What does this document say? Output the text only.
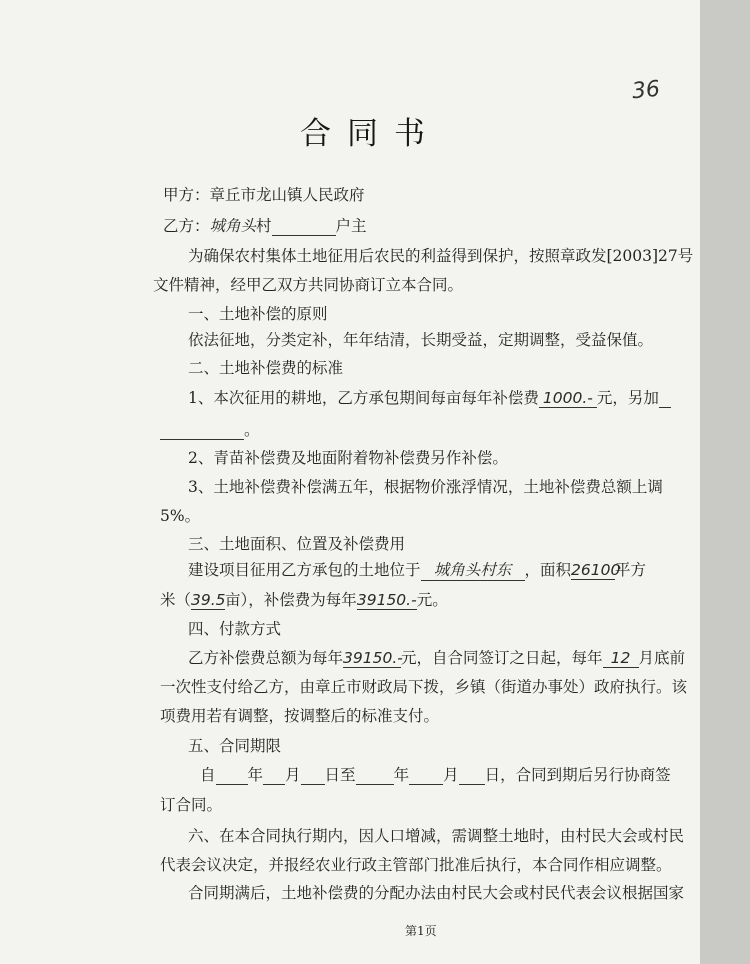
36
合同书
甲方：章丘市龙山镇人民政府
乙方：城角头村	户主
为确保农村集体土地征用后农民的利益得到保护，按照章政发[2003]27号
文件精神，经甲乙双方共同协商订立本合同。
一、土地补偿的原则
依法征地，分类定补，年年结清，长期受益，定期调整，受益保值。
二、土地补偿费的标准
1、本次征用的耕地，乙方承包期间每亩每年补偿费 1000.- 元，另加
。
2、青苗补偿费及地面附着物补偿费另作补偿。
3、土地补偿费补偿满五年，根据物价涨浮情况，土地补偿费总额上调
5%。
三、土地面积、位置及补偿费用
建设项目征用乙方承包的土地位于 城角头村东 ，面积26100平方
米（39.5亩），补偿费为每年39150.-元。
四、付款方式
乙方补偿费总额为每年39150.-元，自合同签订之日起，每年 12 月底前
一次性支付给乙方，由章丘市财政局下拨，乡镇（街道办事处）政府执行。该
项费用若有调整，按调整后的标准支付。
五、合同期限
自 年 月 日至 年 月 日，合同到期后另行协商签
订合同。
六、在本合同执行期内，因人口增减，需调整土地时，由村民大会或村民
代表会议决定，并报经农业行政主管部门批准后执行，本合同作相应调整。
合同期满后，土地补偿费的分配办法由村民大会或村民代表会议根据国家
第1页
